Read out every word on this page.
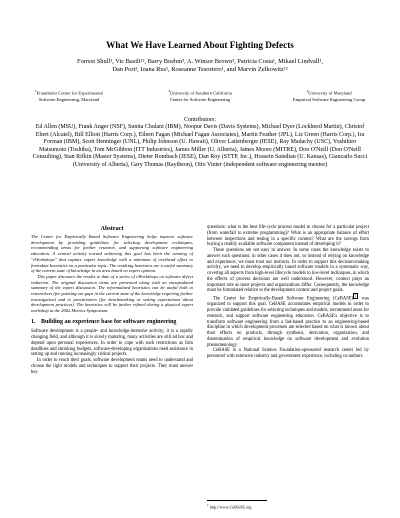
What We Have Learned About Fighting Defects
Forrest Shull¹, Vic Basili¹², Barry Boehm³, A. Winsor Brown³, Patricia Costa¹, Mikael Lindvall¹,
Dan Port³, Ioana Rus¹, Roseanne Tesoriero¹, and Marvin Zelkowitz¹²
$^1$Fraunhofer Center for Experimental
Software Engineering, Maryland
$^3$University of Southern California
Center for Software Engineering
$^2$University of Maryland
Empirical Software Engineering Group
Contributors:
Ed Allen (MSU), Frank Anger (NSF), Sunita Chulani (IBM), Noopur Davis (Davis Systems), Michael Dyer (Lockheed Martin), Christof Ebert (Alcatel), Bill Elliott (Harris Corp.), Eileen Fagan (Michael Fagan Associates), Martin Feather (JPL), Liz Green (Harris Corp.), Ira Forman (IBM), Scott Henninger (UNL), Philip Johnson (U. Hawaii), Oliver Laitenberger (IESE), Ray Madachy (USC), Yoshihiro Matsumoto (Toshiba), Tom McGibbon (ITT Industries), James Miller (U. Alberta), James Moore (MITRE), Don O'Neill (Don O'Neill Consulting), Stan Rifkin (Master Systems), Dieter Rombach (IESE), Dan Roy (STTP, Inc.), Hossein Saiedian (U. Kansas), Giancarlo Succi (University of Alberta), Gary Thomas (Raytheon), Otto Vinter (independent software engineering mentor)
Abstract

The Center for Empirically Based Software Engineering helps improve software development by providing guidelines for selecting development techniques, recommending areas for further research, and supporting software engineering education. A central activity toward achieving this goal has been the running of "eWorkshops" that capture expert knowledge with a minimum of overhead effort to formulate heuristics on a particular topic. The resulting heuristics are a useful summary of the current state of knowledge in an area based on expert opinion.

This paper discusses the results to date of a series of eWorkshops on software defect reduction. The original discussion items are presented along with an encapsulated summary of the expert discussion. The reformulated heuristics can be useful both to researchers (for pointing out gaps in the current state of the knowledge requiring further investigation) and to practitioners (for benchmarking or setting expectations about development practices). The heuristics will be further refined during a physical expert workshop at the 2002 Metrics Symposium.

1. Building an experience base for software engineering

Software development is a people- and knowledge-intensive activity; it is a rapidly changing field, and although it is slowly maturing, many activities are still ad hoc and depend upon personal experiences. In order to cope with such restrictions as firm deadlines and shrinking budgets, software-developing organizations need assistance in setting up and running increasingly critical projects.

In order to reach their goals, software development teams need to understand and choose the right models and techniques to support their projects. They must answer key

questions: what is the best life-cycle process model to choose for a particular project (from waterfall to extreme programming)? What is an appropriate balance of effort between inspections and testing in a specific context? What are the savings from buying a readily available software component instead of developing it?

These questions are not easy to answer. In some cases the knowledge exists to answer such questions; in other cases it does not, so instead of relying on knowledge and experience, we must trust our instincts. In order to support this decision-making activity, we need to develop empirically based software models in a systematic way, covering all aspects from high-level lifecycle models to low-level techniques, in which the effects of process decisions are well understood. However, context plays an important role as most projects and organizations differ. Consequently, the knowledge must be formulated relative to the development context and project goals.

The Center for Empirically-Based Software Engineering (CeBASE)$^1$ was organized to support this goal. CeBASE accumulates empirical models in order to provide validated guidelines for selecting techniques and models, recommend areas for research, and support software engineering education. CeBASE's objective is to transform software engineering from a fad-based practice to an engineering-based discipline in which development processes are selected based on what is known about their effects on products, through synthesis, derivation, organization, and dissemination of empirical knowledge on software development and evolution phenomenology.

CeBASE is a National Science Foundation-sponsored research center led by personnel with extensive industry and government experience, including co-authors

$^1$ http://www.CeBASE.org
